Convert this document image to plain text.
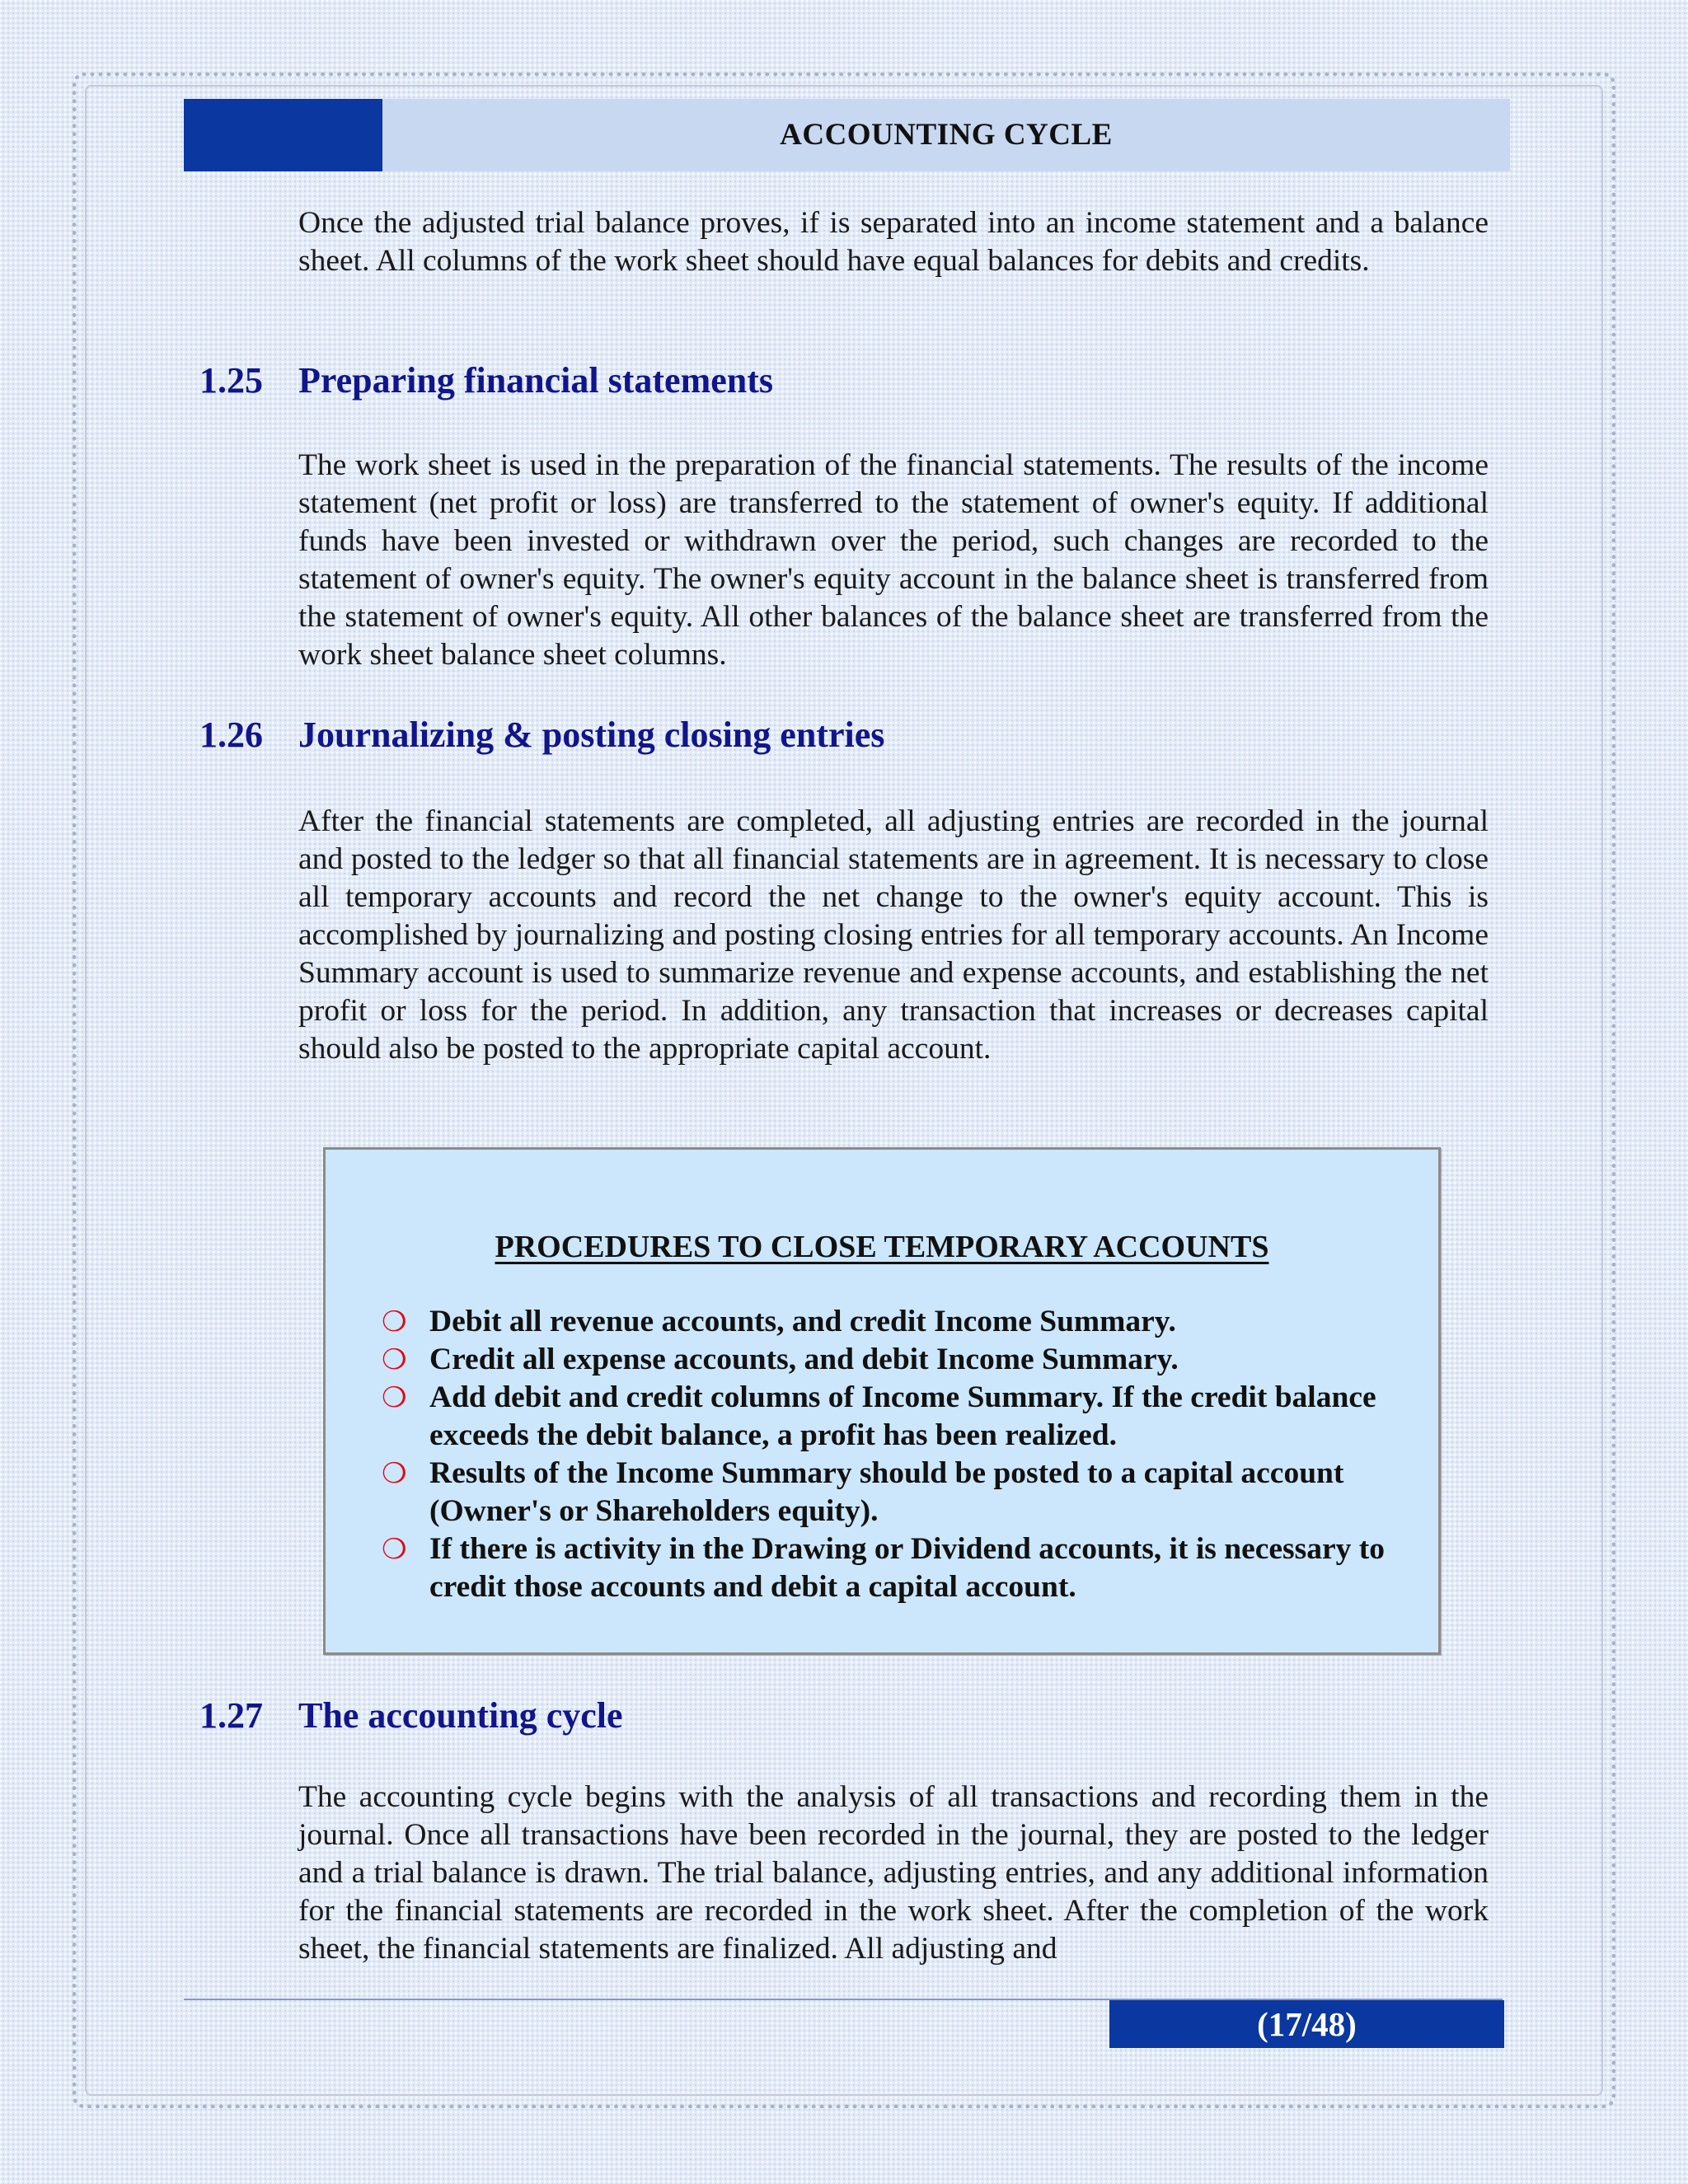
ACCOUNTING CYCLE

Once the adjusted trial balance proves, if is separated into an income statement and a balance sheet. All columns of the work sheet should have equal balances for debits and credits.

1.25 Preparing financial statements

The work sheet is used in the preparation of the financial statements. The results of the income statement (net profit or loss) are transferred to the statement of owner's equity. If additional funds have been invested or withdrawn over the period, such changes are recorded to the statement of owner's equity. The owner's equity account in the balance sheet is transferred from the statement of owner's equity. All other balances of the balance sheet are transferred from the work sheet balance sheet columns.

1.26 Journalizing & posting closing entries

After the financial statements are completed, all adjusting entries are recorded in the journal and posted to the ledger so that all financial statements are in agreement. It is necessary to close all temporary accounts and record the net change to the owner's equity account. This is accomplished by journalizing and posting closing entries for all temporary accounts. An Income Summary account is used to summarize revenue and expense accounts, and establishing the net profit or loss for the period. In addition, any transaction that increases or decreases capital should also be posted to the appropriate capital account.

PROCEDURES TO CLOSE TEMPORARY ACCOUNTS
❍ Debit all revenue accounts, and credit Income Summary.
❍ Credit all expense accounts, and debit Income Summary.
❍ Add debit and credit columns of Income Summary. If the credit balance exceeds the debit balance, a profit has been realized.
❍ Results of the Income Summary should be posted to a capital account (Owner's or Shareholders equity).
❍ If there is activity in the Drawing or Dividend accounts, it is necessary to credit those accounts and debit a capital account.
1.27 The accounting cycle

The accounting cycle begins with the analysis of all transactions and recording them in the journal. Once all transactions have been recorded in the journal, they are posted to the ledger and a trial balance is drawn. The trial balance, adjusting entries, and any additional information for the financial statements are recorded in the work sheet. After the completion of the work sheet, the financial statements are finalized. All adjusting and

(17/48)
